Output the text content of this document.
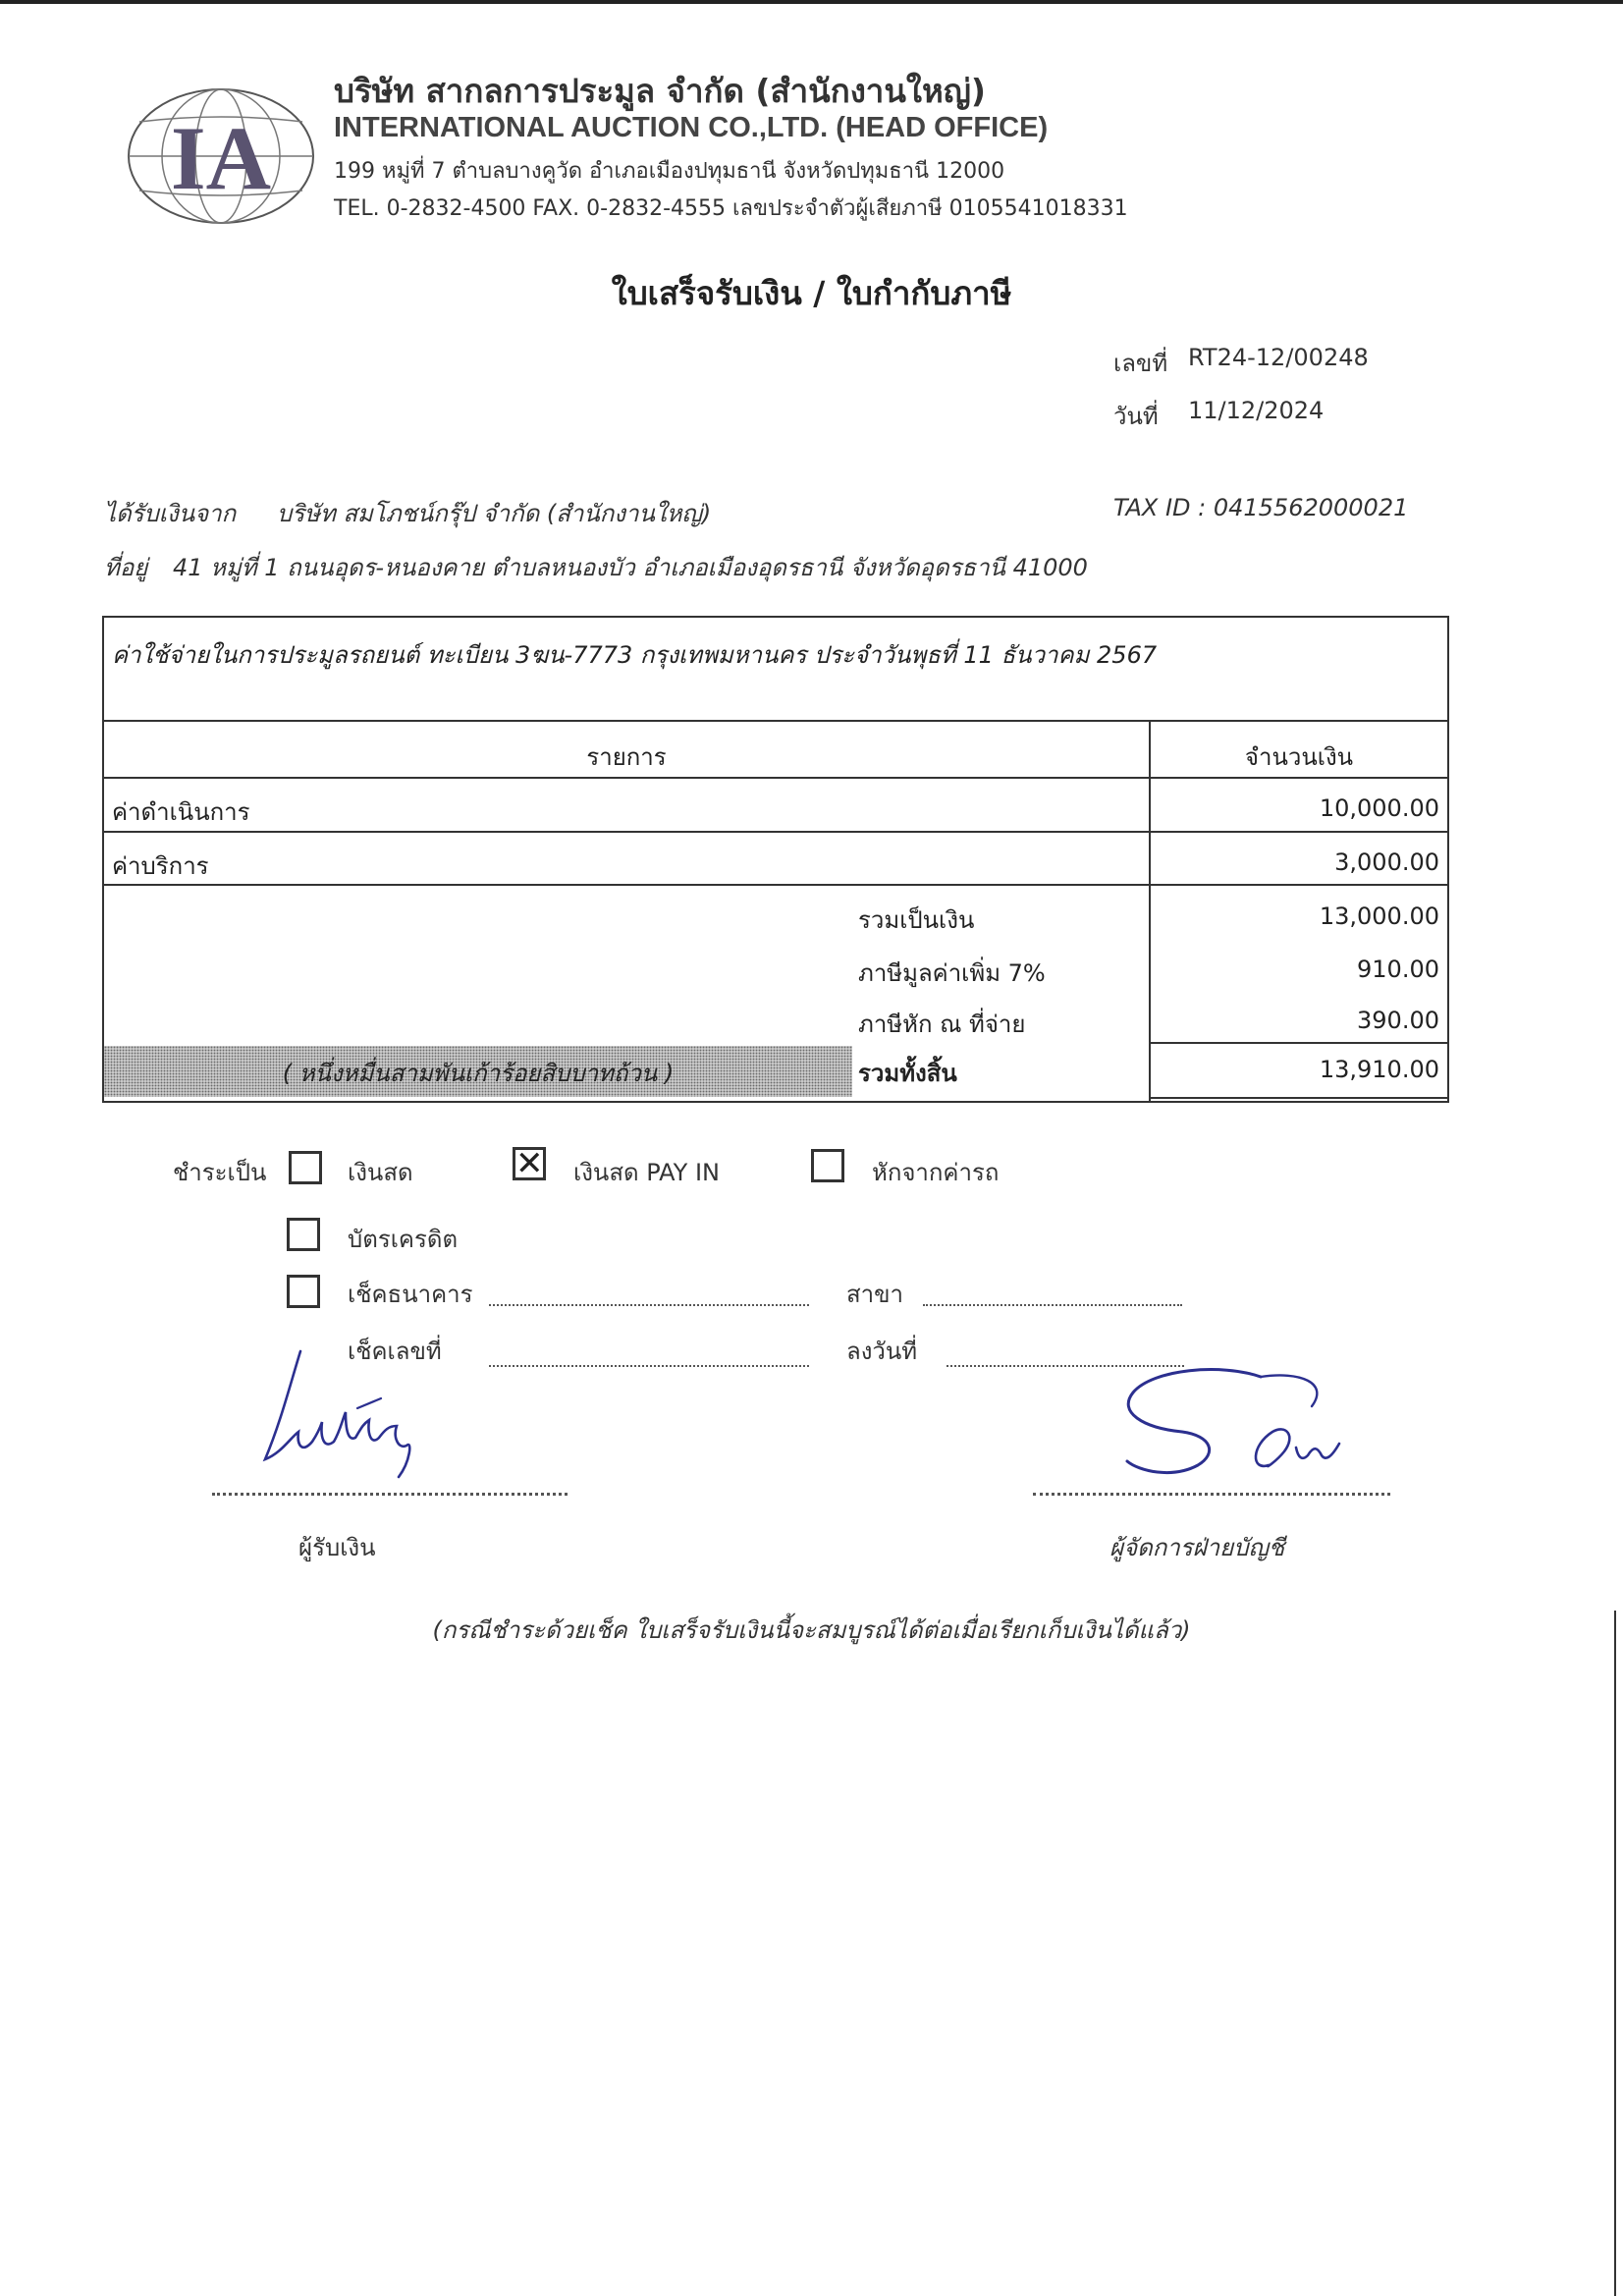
IA
บริษัท สากลการประมูล จำกัด (สำนักงานใหญ่)
INTERNATIONAL AUCTION CO.,LTD. (HEAD OFFICE)
199 หมู่ที่ 7 ตำบลบางคูวัด อำเภอเมืองปทุมธานี จังหวัดปทุมธานี 12000
TEL. 0-2832-4500 FAX. 0-2832-4555 เลขประจำตัวผู้เสียภาษี 0105541018331
ใบเสร็จรับเงิน / ใบกำกับภาษี
เลขที่ RT24-12/00248
วันที่ 11/12/2024
ได้รับเงินจาก บริษัท สมโภชน์กรุ๊ป จำกัด (สำนักงานใหญ่)	TAX ID : 0415562000021
ที่อยู่ 41 หมู่ที่ 1 ถนนอุดร-หนองคาย ตำบลหนองบัว อำเภอเมืองอุดรธานี จังหวัดอุดรธานี 41000
ค่าใช้จ่ายในการประมูลรถยนต์ ทะเบียน 3ฆน-7773 กรุงเทพมหานคร ประจำวันพุธที่ 11 ธันวาคม 2567
รายการ	จำนวนเงิน
ค่าดำเนินการ	10,000.00
ค่าบริการ	3,000.00
รวมเป็นเงิน	13,000.00
ภาษีมูลค่าเพิ่ม 7%	910.00
ภาษีหัก ณ ที่จ่าย	390.00
( หนึ่งหมื่นสามพันเก้าร้อยสิบบาทถ้วน )	รวมทั้งสิ้น	13,910.00
ชำระเป็น	เงินสด	✕ เงินสด PAY IN	หักจากค่ารถ
บัตรเครดิต
เช็คธนาคาร	สาขา
เช็คเลขที่	ลงวันที่
ผู้รับเงิน	ผู้จัดการฝ่ายบัญชี
(กรณีชำระด้วยเช็ค ใบเสร็จรับเงินนี้จะสมบูรณ์ได้ต่อเมื่อเรียกเก็บเงินได้แล้ว)
